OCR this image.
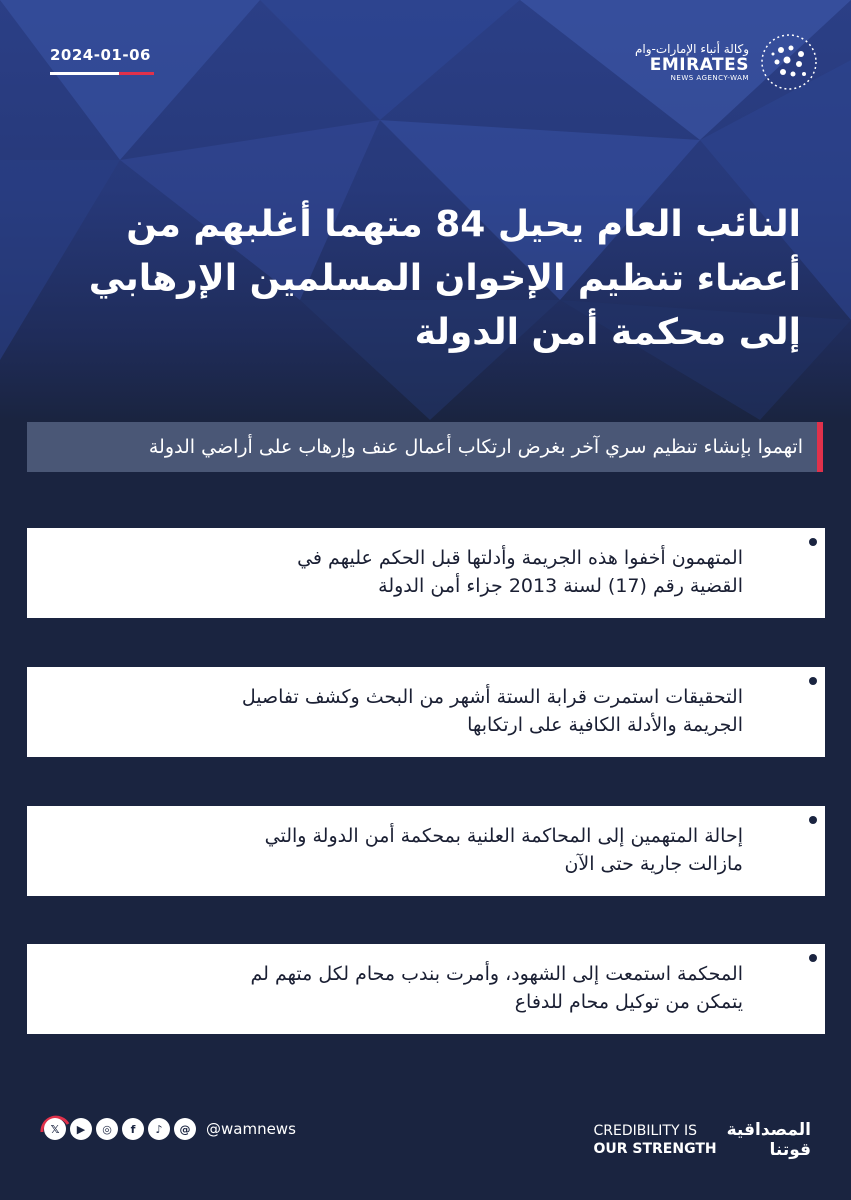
2024-01-06	وكالة أنباء الإمارات-وام
EMIRATES
NEWS AGENCY-WAM
النائب العام يحيل 84 متهما أغلبهم من
أعضاء تنظيم الإخوان المسلمين الإرهابي
إلى محكمة أمن الدولة
اتهموا بإنشاء تنظيم سري آخر بغرض ارتكاب أعمال عنف وإرهاب على أراضي الدولة
المتهمون أخفوا هذه الجريمة وأدلتها قبل الحكم عليهم في
القضية رقم (17) لسنة 2013 جزاء أمن الدولة
التحقيقات استمرت قرابة الستة أشهر من البحث وكشف تفاصيل
الجريمة والأدلة الكافية على ارتكابها
إحالة المتهمين إلى المحاكمة العلنية بمحكمة أمن الدولة والتي
مازالت جارية حتى الآن
المحكمة استمعت إلى الشهود، وأمرت بندب محام لكل متهم لم
يتمكن من توكيل محام للدفاع
𝕏	▶	◎	f	♪	@	@wamnews	CREDIBILITY IS
OUR STRENGTH
المصداقية
قوتنا
